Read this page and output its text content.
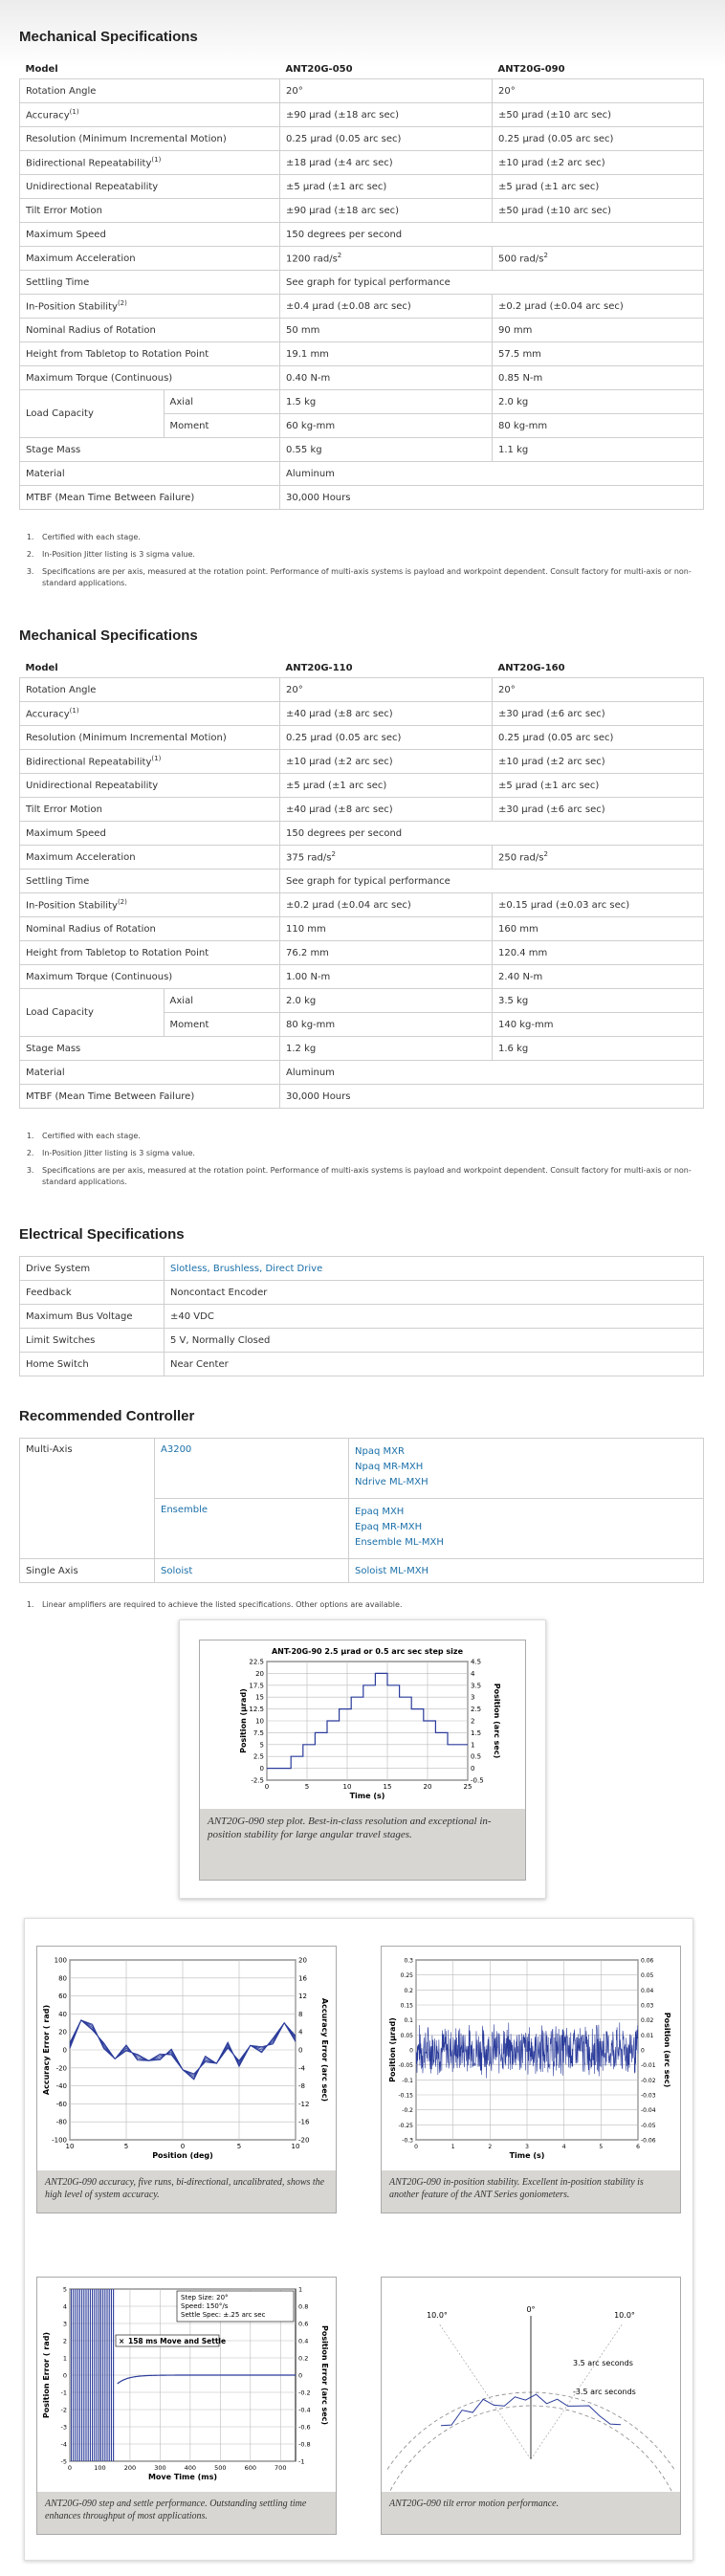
Mechanical Specifications
Model		ANT20G-050	ANT20G-090
Rotation Angle		20°	20°
Accuracy$^{(1)}$		±90 μrad (±18 arc sec)	±50 μrad (±10 arc sec)
Resolution (Minimum Incremental Motion)		0.25 μrad (0.05 arc sec)	0.25 μrad (0.05 arc sec)
Bidirectional Repeatability$^{(1)}$		±18 μrad (±4 arc sec)	±10 μrad (±2 arc sec)
Unidirectional Repeatability		±5 μrad (±1 arc sec)	±5 μrad (±1 arc sec)
Tilt Error Motion		±90 μrad (±18 arc sec)	±50 μrad (±10 arc sec)
Maximum Speed		150 degrees per second	
Maximum Acceleration		1200 rad/$s^2$	500 rad/$s^2$
Settling Time		See graph for typical performance	
In-Position Stability$^{(2)}$		±0.4 μrad (±0.08 arc sec)	±0.2 μrad (±0.04 arc sec)
Nominal Radius of Rotation		50 mm	90 mm
Height from Tabletop to Rotation Point		19.1 mm	57.5 mm
Maximum Torque (Continuous)		0.40 N-m	0.85 N-m
Load Capacity	Axial	1.5 kg	2.0 kg
	Moment	60 kg-mm	80 kg-mm
Stage Mass		0.55 kg	1.1 kg
Material		Aluminum	
MTBF (Mean Time Between Failure)		30,000 Hours	
1. Certified with each stage.
2. In-Position Jitter listing is 3 sigma value.
3. Specifications are per axis, measured at the rotation point. Performance of multi-axis systems is payload and workpoint dependent. Consult factory for multi-axis or non-standard applications.
Mechanical Specifications
Model		ANT20G-110	ANT20G-160
Rotation Angle		20°	20°
Accuracy$^{(1)}$		±40 μrad (±8 arc sec)	±30 μrad (±6 arc sec)
Resolution (Minimum Incremental Motion)		0.25 μrad (0.05 arc sec)	0.25 μrad (0.05 arc sec)
Bidirectional Repeatability$^{(1)}$		±10 μrad (±2 arc sec)	±10 μrad (±2 arc sec)
Unidirectional Repeatability		±5 μrad (±1 arc sec)	±5 μrad (±1 arc sec)
Tilt Error Motion		±40 μrad (±8 arc sec)	±30 μrad (±6 arc sec)
Maximum Speed		150 degrees per second	
Maximum Acceleration		375 rad/$s^2$	250 rad/$s^2$
Settling Time		See graph for typical performance	
In-Position Stability$^{(2)}$		±0.2 μrad (±0.04 arc sec)	±0.15 μrad (±0.03 arc sec)
Nominal Radius of Rotation		110 mm	160 mm
Height from Tabletop to Rotation Point		76.2 mm	120.4 mm
Maximum Torque (Continuous)		1.00 N-m	2.40 N-m
Load Capacity	Axial	2.0 kg	3.5 kg
	Moment	80 kg-mm	140 kg-mm
Stage Mass		1.2 kg	1.6 kg
Material		Aluminum	
MTBF (Mean Time Between Failure)		30,000 Hours	
1. Certified with each stage.
2. In-Position Jitter listing is 3 sigma value.
3. Specifications are per axis, measured at the rotation point. Performance of multi-axis systems is payload and workpoint dependent. Consult factory for multi-axis or non-standard applications.
Electrical Specifications
Drive System	Slotless, Brushless, Direct Drive
Feedback	Noncontact Encoder
Maximum Bus Voltage	±40 VDC
Limit Switches	5 V, Normally Closed
Home Switch	Near Center
Recommended Controller
Multi-Axis	A3200	Npaq MXR
Npaq MR-MXH
Ndrive ML-MXH

	Ensemble	Epaq MXH
Epaq MR-MXH
Ensemble ML-MXH

Single Axis	Soloist	Soloist ML-MXH
1. Linear amplifiers are required to achieve the listed specifications. Other options are available.
ANT-20G-90 2.5 μrad or 0.5 arc sec step size
-2.5	-0.5
0	0
2.5	0.5
5	1
7.5	1.5
10	2
12.5	2.5
15	3
17.5	3.5
20	4
22.5	4.5
0	5	10	15	20	25
Time (s)
Position (μrad)	Position (arc sec)
ANT20G-090 step plot. Best-in-class resolution and exceptional in-position stability for large angular travel stages.
-100	-20
-80	-16
-60	-12
-40	-8
-20	-4
0	0
20	4
40	8
60	12
80	16
100	20
10	5	0	5	10
Position (deg)
Accuracy Error ( rad)	Accuracy Error (arc sec)
ANT20G-090 accuracy, five runs, bi-directional, uncalibrated, shows the high level of system accuracy.
-0.3	-0.06
-0.25	-0.05
-0.2	-0.04
-0.15	-0.03
-0.1	-0.02
-0.05	-0.01
0	0
0.05	0.01
0.1	0.02
0.15	0.03
0.2	0.04
0.25	0.05
0.3	0.06
0	1	2	3	4	5	6
Time (s)
Position (μrad)	Position (arc sec)
ANT20G-090 in-position stability. Excellent in-position stability is another feature of the ANT Series goniometers.
-5	-1
-4	-0.8
-3	-0.6
-2	-0.4
-1	-0.2
0	0
1	0.2
2	0.4
3	0.6
4	0.8
5	1
0	100	200	300	400	500	600	700
Move Time (ms)
Position Error ( rad)	Position Error (arc sec)
Step Size: 20°
Speed: 150°/s
Settle Spec: ±.25 arc sec
× 158 ms Move and Settle
ANT20G-090 step and settle performance. Outstanding settling time enhances throughput of most applications.
10.0°
0°
10.0°
3.5 arc seconds
-3.5 arc seconds
ANT20G-090 tilt error motion performance.
